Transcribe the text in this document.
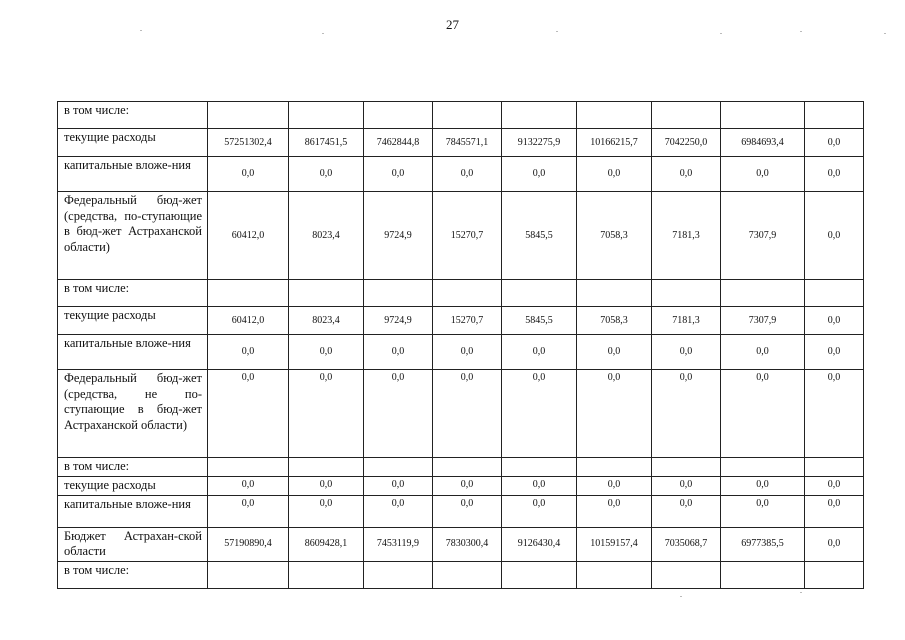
27
в том числе:									
текущие расходы	57251302,4	8617451,5	7462844,8	7845571,1	9132275,9	10166215,7	7042250,0	6984693,4	0,0
капитальные вложе-ния	0,0	0,0	0,0	0,0	0,0	0,0	0,0	0,0	0,0
Федеральный бюд-жет (средства, по-ступающие в бюд-жет Астраханской области)	60412,0	8023,4	9724,9	15270,7	5845,5	7058,3	7181,3	7307,9	0,0
в том числе:									
текущие расходы	60412,0	8023,4	9724,9	15270,7	5845,5	7058,3	7181,3	7307,9	0,0
капитальные вложе-ния	0,0	0,0	0,0	0,0	0,0	0,0	0,0	0,0	0,0
Федеральный бюд-жет (средства, не по-ступающие в бюд-жет Астраханской области)	0,0	0,0	0,0	0,0	0,0	0,0	0,0	0,0	0,0
в том числе:									
текущие расходы	0,0	0,0	0,0	0,0	0,0	0,0	0,0	0,0	0,0
капитальные вложе-ния	0,0	0,0	0,0	0,0	0,0	0,0	0,0	0,0	0,0
Бюджет Астрахан-ской области	57190890,4	8609428,1	7453119,9	7830300,4	9126430,4	10159157,4	7035068,7	6977385,5	0,0
в том числе:									
